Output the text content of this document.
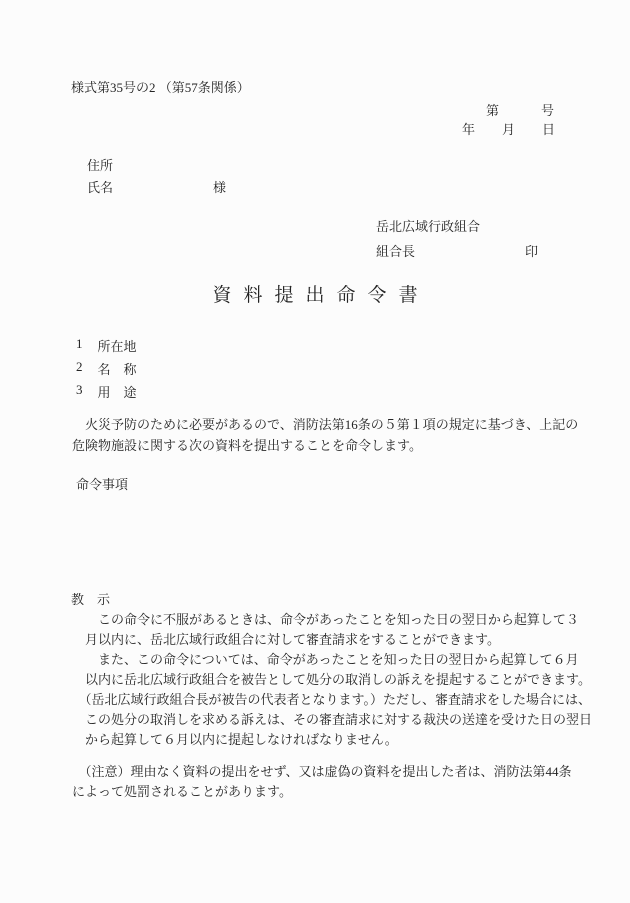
様式第35号の2 （第57条関係）
第	号
年 月 日
住所
氏名	様
岳北広域行政組合
組合長	印
資料提出命令書
1 所在地
2 名　称
3 用　途
火災予防のために必要があるので、消防法第16条の５第１項の規定に基づき、上記の
危険物施設に関する次の資料を提出することを命令します。
命令事項
教　示
この命令に不服があるときは、命令があったことを知った日の翌日から起算して３
月以内に、岳北広域行政組合に対して審査請求をすることができます。
また、この命令については、命令があったことを知った日の翌日から起算して６月
以内に岳北広域行政組合を被告として処分の取消しの訴えを提起することができます。
（岳北広域行政組合長が被告の代表者となります。）ただし、審査請求をした場合には、
この処分の取消しを求める訴えは、その審査請求に対する裁決の送達を受けた日の翌日
から起算して６月以内に提起しなければなりません。
（注意）理由なく資料の提出をせず、又は虚偽の資料を提出した者は、消防法第44条
によって処罰されることがあります。
